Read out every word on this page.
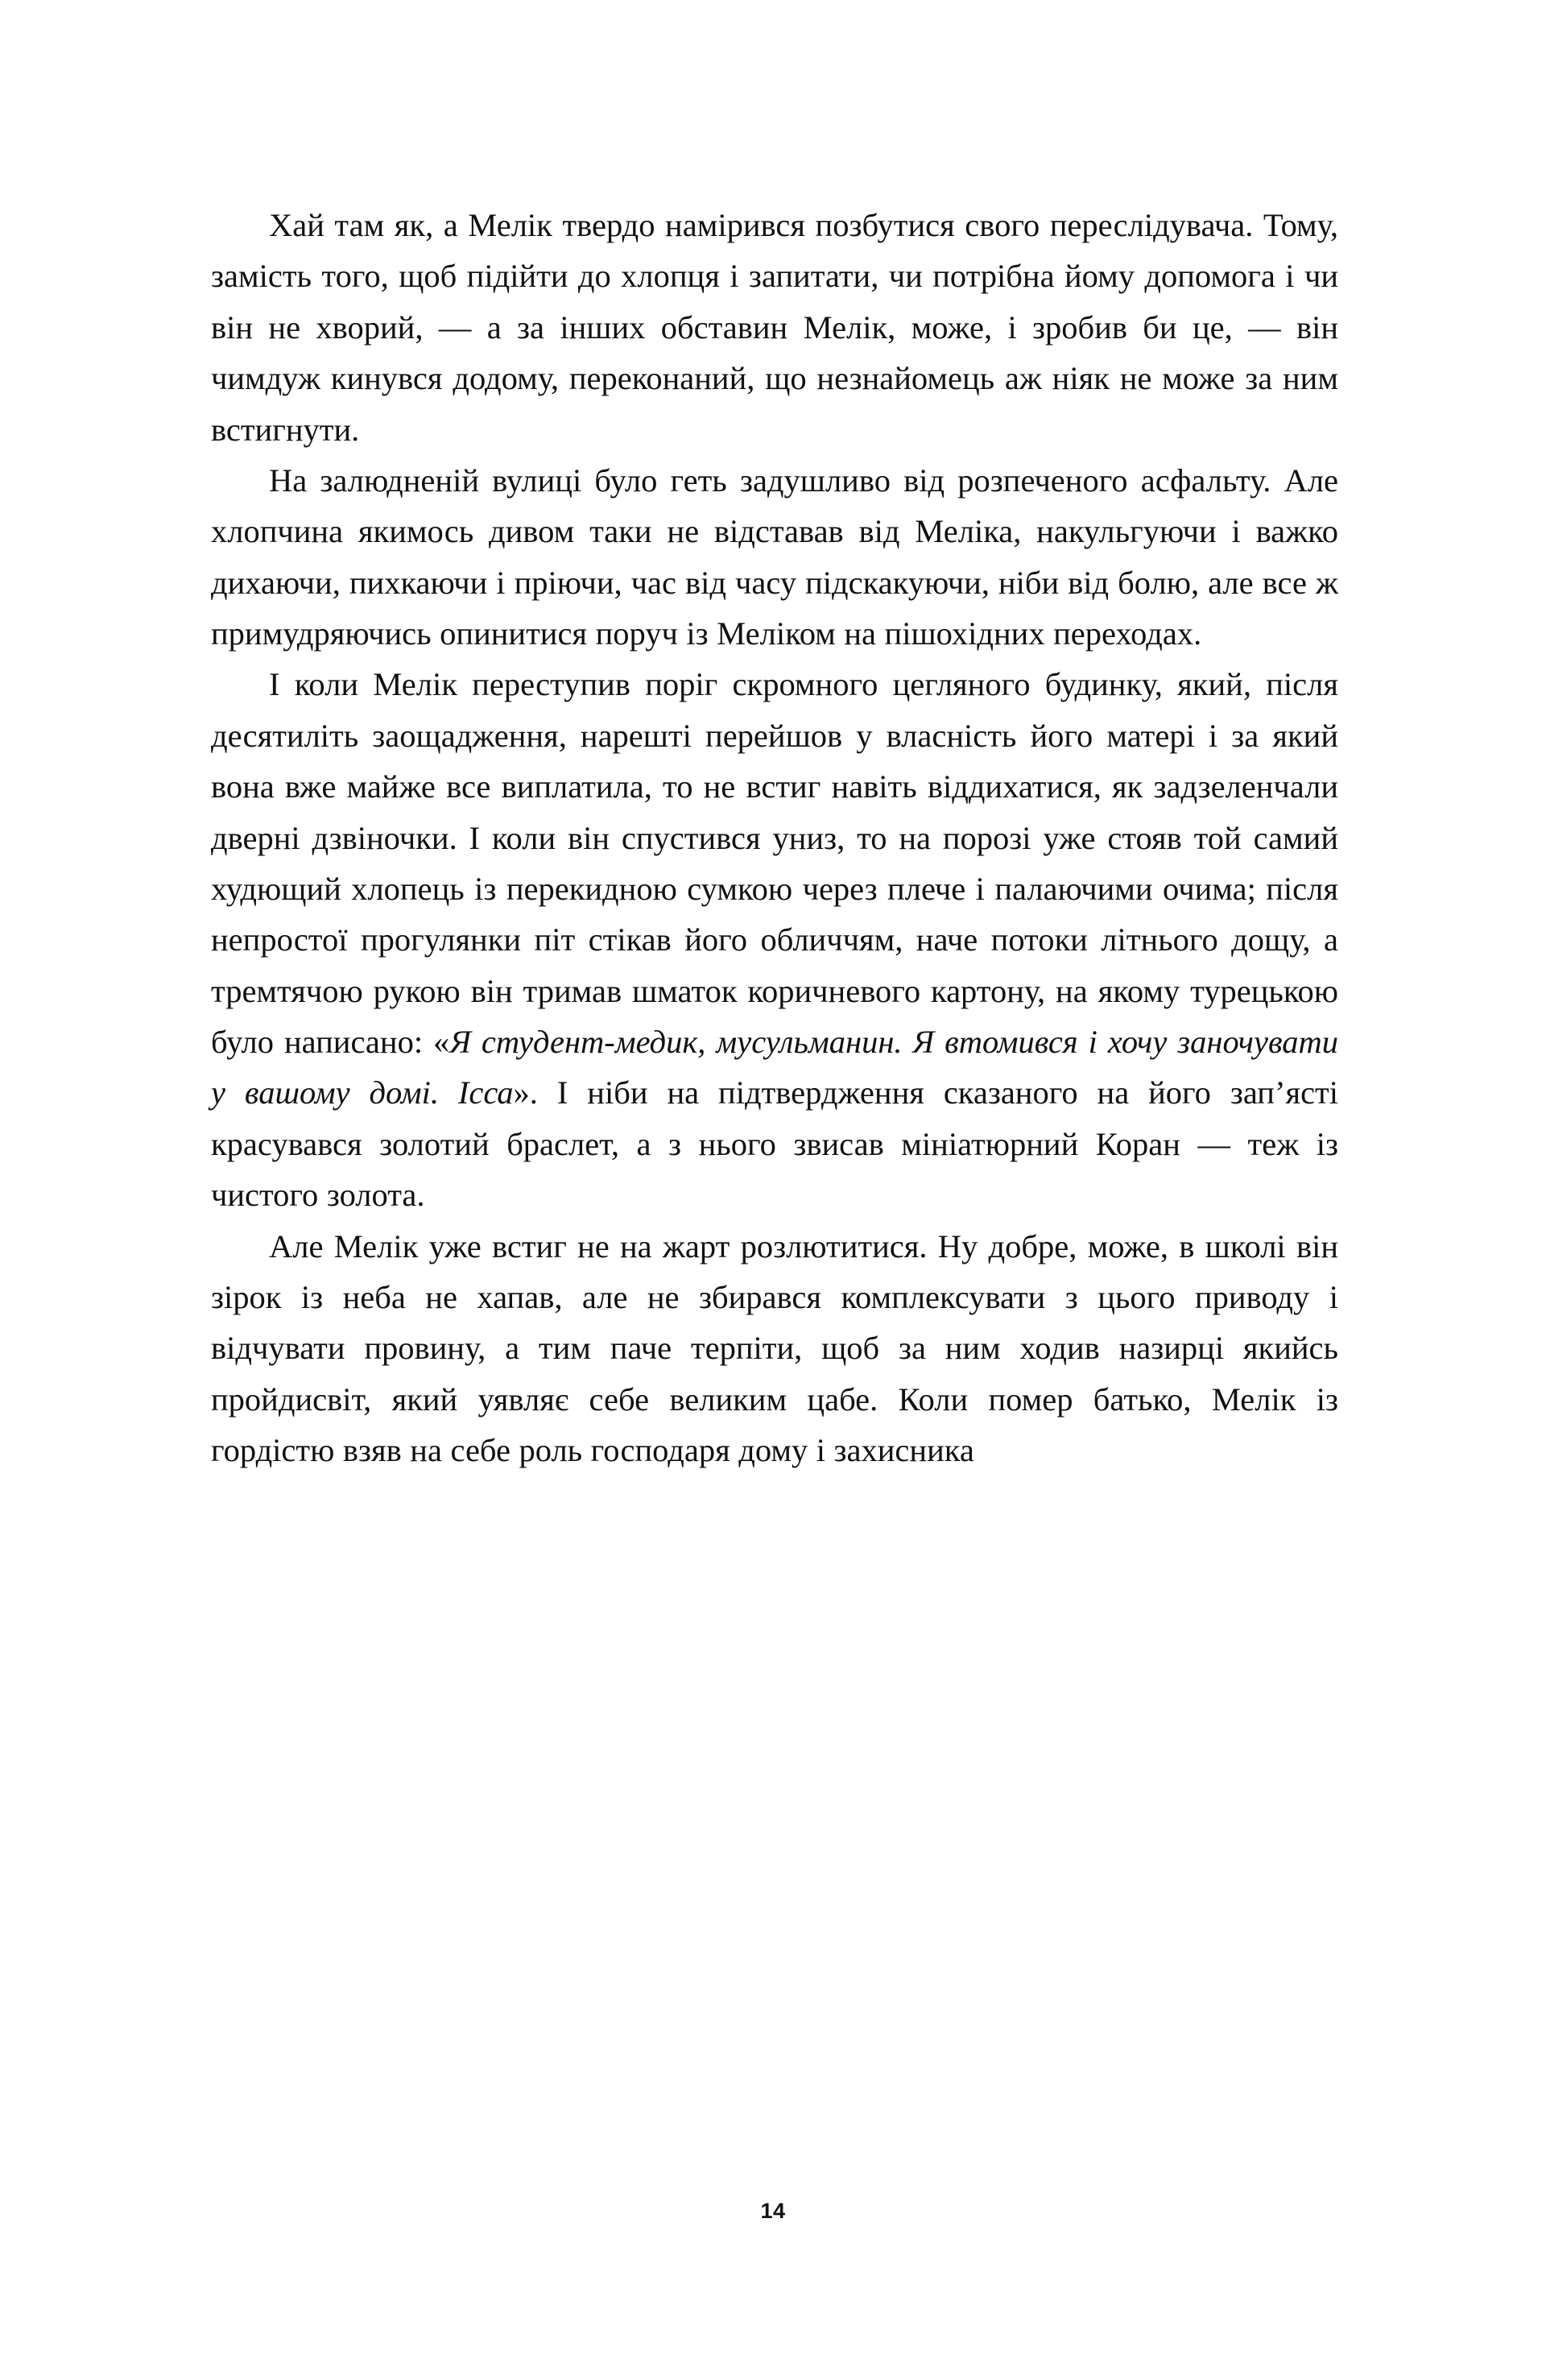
Хай там як, а Мелік твердо намірився позбутися свого переслідувача. Тому, замість того, щоб підійти до хлопця і запитати, чи потрібна йому допомога і чи він не хворий, — а за інших обставин Мелік, може, і зробив би це, — він чимдуж кинувся додому, переконаний, що незнайомець аж ніяк не може за ним встигнути.

На залюдненій вулиці було геть задушливо від розпеченого асфальту. Але хлопчина якимось дивом таки не відставав від Меліка, накульгуючи і важко дихаючи, пихкаючи і пріючи, час від часу підскакуючи, ніби від болю, але все ж примудряючись опинитися поруч із Меліком на пішохідних переходах.

І коли Мелік переступив поріг скромного цегляного будинку, який, після десятиліть заощадження, нарешті перейшов у власність його матері і за який вона вже майже все виплатила, то не встиг навіть віддихатися, як задзеленчали дверні дзвіночки. І коли він спустився униз, то на порозі уже стояв той самий худющий хлопець із перекидною сумкою через плече і палаючими очима; після непростої прогулянки піт стікав його обличчям, наче потоки літнього дощу, а тремтячою рукою він тримав шматок коричневого картону, на якому турецькою було написано: «Я студент-медик, мусульманин. Я втомився і хочу заночувати у вашому домі. Ісса». І ніби на підтвердження сказаного на його зап’ясті красувався золотий браслет, а з нього звисав мініатюрний Коран — теж із чистого золота.

Але Мелік уже встиг не на жарт розлютитися. Ну добре, може, в школі він зірок із неба не хапав, але не збирався комплексувати з цього приводу і відчувати провину, а тим паче терпіти, щоб за ним ходив назирці якийсь пройдисвіт, який уявляє себе великим цабе. Коли помер батько, Мелік із гордістю взяв на себе роль господаря дому і захисника

14
